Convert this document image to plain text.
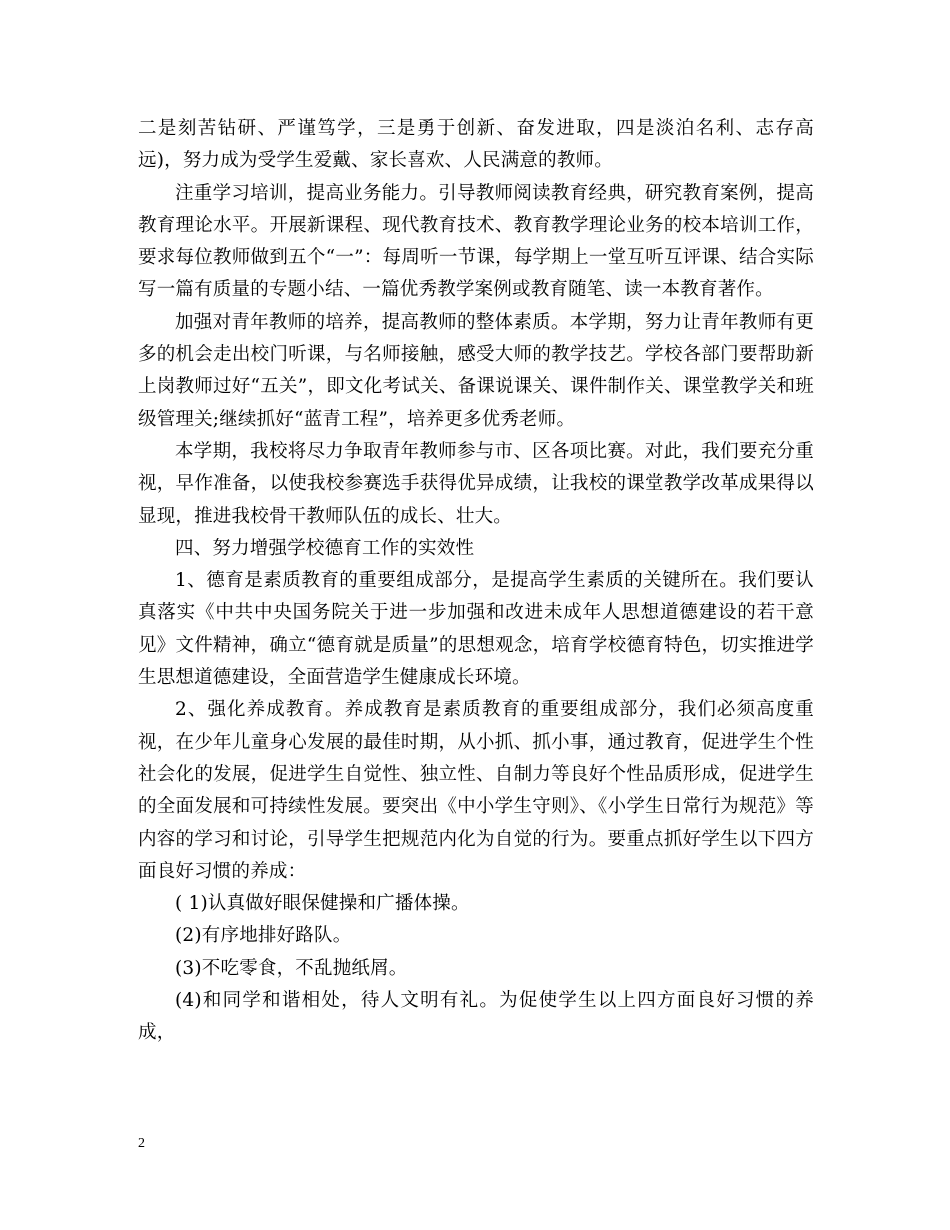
二是刻苦钻研、严谨笃学，三是勇于创新、奋发进取，四是淡泊名利、志存高远)，努力成为受学生爱戴、家长喜欢、人民满意的教师。

注重学习培训，提高业务能力。引导教师阅读教育经典，研究教育案例，提高教育理论水平。开展新课程、现代教育技术、教育教学理论业务的校本培训工作，要求每位教师做到五个“一”：每周听一节课，每学期上一堂互听互评课、结合实际写一篇有质量的专题小结、一篇优秀教学案例或教育随笔、读一本教育著作。

加强对青年教师的培养，提高教师的整体素质。本学期，努力让青年教师有更多的机会走出校门听课，与名师接触，感受大师的教学技艺。学校各部门要帮助新上岗教师过好“五关”，即文化考试关、备课说课关、课件制作关、课堂教学关和班级管理关;继续抓好“蓝青工程”，培养更多优秀老师。

本学期，我校将尽力争取青年教师参与市、区各项比赛。对此，我们要充分重视，早作准备，以使我校参赛选手获得优异成绩，让我校的课堂教学改革成果得以显现，推进我校骨干教师队伍的成长、壮大。

四、努力增强学校德育工作的实效性

1、德育是素质教育的重要组成部分，是提高学生素质的关键所在。我们要认真落实《中共中央国务院关于进一步加强和改进未成年人思想道德建设的若干意见》文件精神，确立“德育就是质量”的思想观念，培育学校德育特色，切实推进学生思想道德建设，全面营造学生健康成长环境。

2、强化养成教育。养成教育是素质教育的重要组成部分，我们必须高度重视，在少年儿童身心发展的最佳时期，从小抓、抓小事，通过教育，促进学生个性社会化的发展，促进学生自觉性、独立性、自制力等良好个性品质形成，促进学生的全面发展和可持续性发展。要突出《中小学生守则》、《小学生日常行为规范》等内容的学习和讨论，引导学生把规范内化为自觉的行为。要重点抓好学生以下四方面良好习惯的养成：

( 1)认真做好眼保健操和广播体操。

(2)有序地排好路队。

(3)不吃零食，不乱抛纸屑。

(4)和同学和谐相处，待人文明有礼。为促使学生以上四方面良好习惯的养成，

2
